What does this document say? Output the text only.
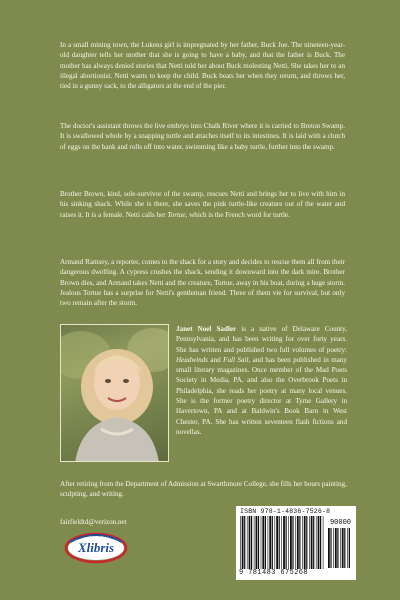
In a small mining town, the Lukens girl is impregnated by her father, Buck Joe. The nineteen-year-old daughter tells her mother that she is going to have a baby, and that the father is Buck. The mother has always denied stories that Netti told her about Buck molesting Netti. She takes her to an illegal abortionist. Netti wants to keep the child. Buck beats her when they return, and throws her, tied in a gunny sack, to the alligators at the end of the pier.

The doctor's assistant throws the live embryo into Chalk River where it is carried to Breton Swamp. It is swallowed whole by a snapping turtle and attaches itself to its intestines. It is laid with a clutch of eggs on the bank and rolls off into water, swimming like a baby turtle, further into the swamp.

Brother Brown, kind, sole-survivor of the swamp, rescues Netti and brings her to live with him in his sinking shack. While she is there, she saves the pink turtle-like creature out of the water and raises it. It is a female. Netti calls her Tortue, which is the French word for turtle.

Armand Ramsey, a reporter, comes to the shack for a story and decides to rescue them all from their dangerous dwelling. A cypress crushes the shack, sending it downward into the dark mire. Brother Brown dies, and Armand takes Netti and the creature, Tortue, away in his boat, during a huge storm. Jealous Tortue has a surprise for Netti's gentleman friend. Three of them vie for survival, but only two remain after the storm.

Janet Noel Sadler is a native of Delaware County, Pennsylvania, and has been writing for over forty years. She has written and published two full volumes of poetry: Headwinds and Full Sail, and has been published in many small literary magazines. Once member of the Mad Poets Society in Media, PA, and also the Overbrook Poets in Philadelphia, she reads her poetry at many local venues. She is the former poetry director at Tyme Gallery in Havertown, PA and at Baldwin's Book Barn in West Chester, PA. She has written seventeen flash fictions and novellas.

After retiring from the Department of Admission at Swarthmore College, she fills her hours painting, sculpting, and writing.

fairfieldtd@verizon.net

Xlibris
ISBN 978-1-4836-7526-8
90000
9 781483 675268
